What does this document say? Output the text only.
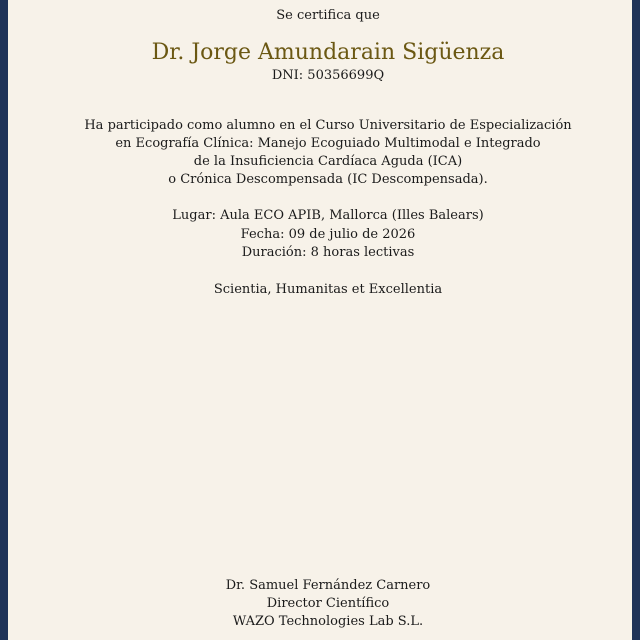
Se certifica que
Dr. Jorge Amundarain Sigüenza
DNI: 50356699Q
Ha participado como alumno en el Curso Universitario de Especialización
en Ecografía Clínica: Manejo Ecoguiado Multimodal e Integrado
de la Insuficiencia Cardíaca Aguda (ICA)
o Crónica Descompensada (IC Descompensada).
Lugar: Aula ECO APIB, Mallorca (Illes Balears)
Fecha: 09 de julio de 2026
Duración: 8 horas lectivas
Scientia, Humanitas et Excellentia
Dr. Samuel Fernández Carnero
Director Científico
WAZO Technologies Lab S.L.
